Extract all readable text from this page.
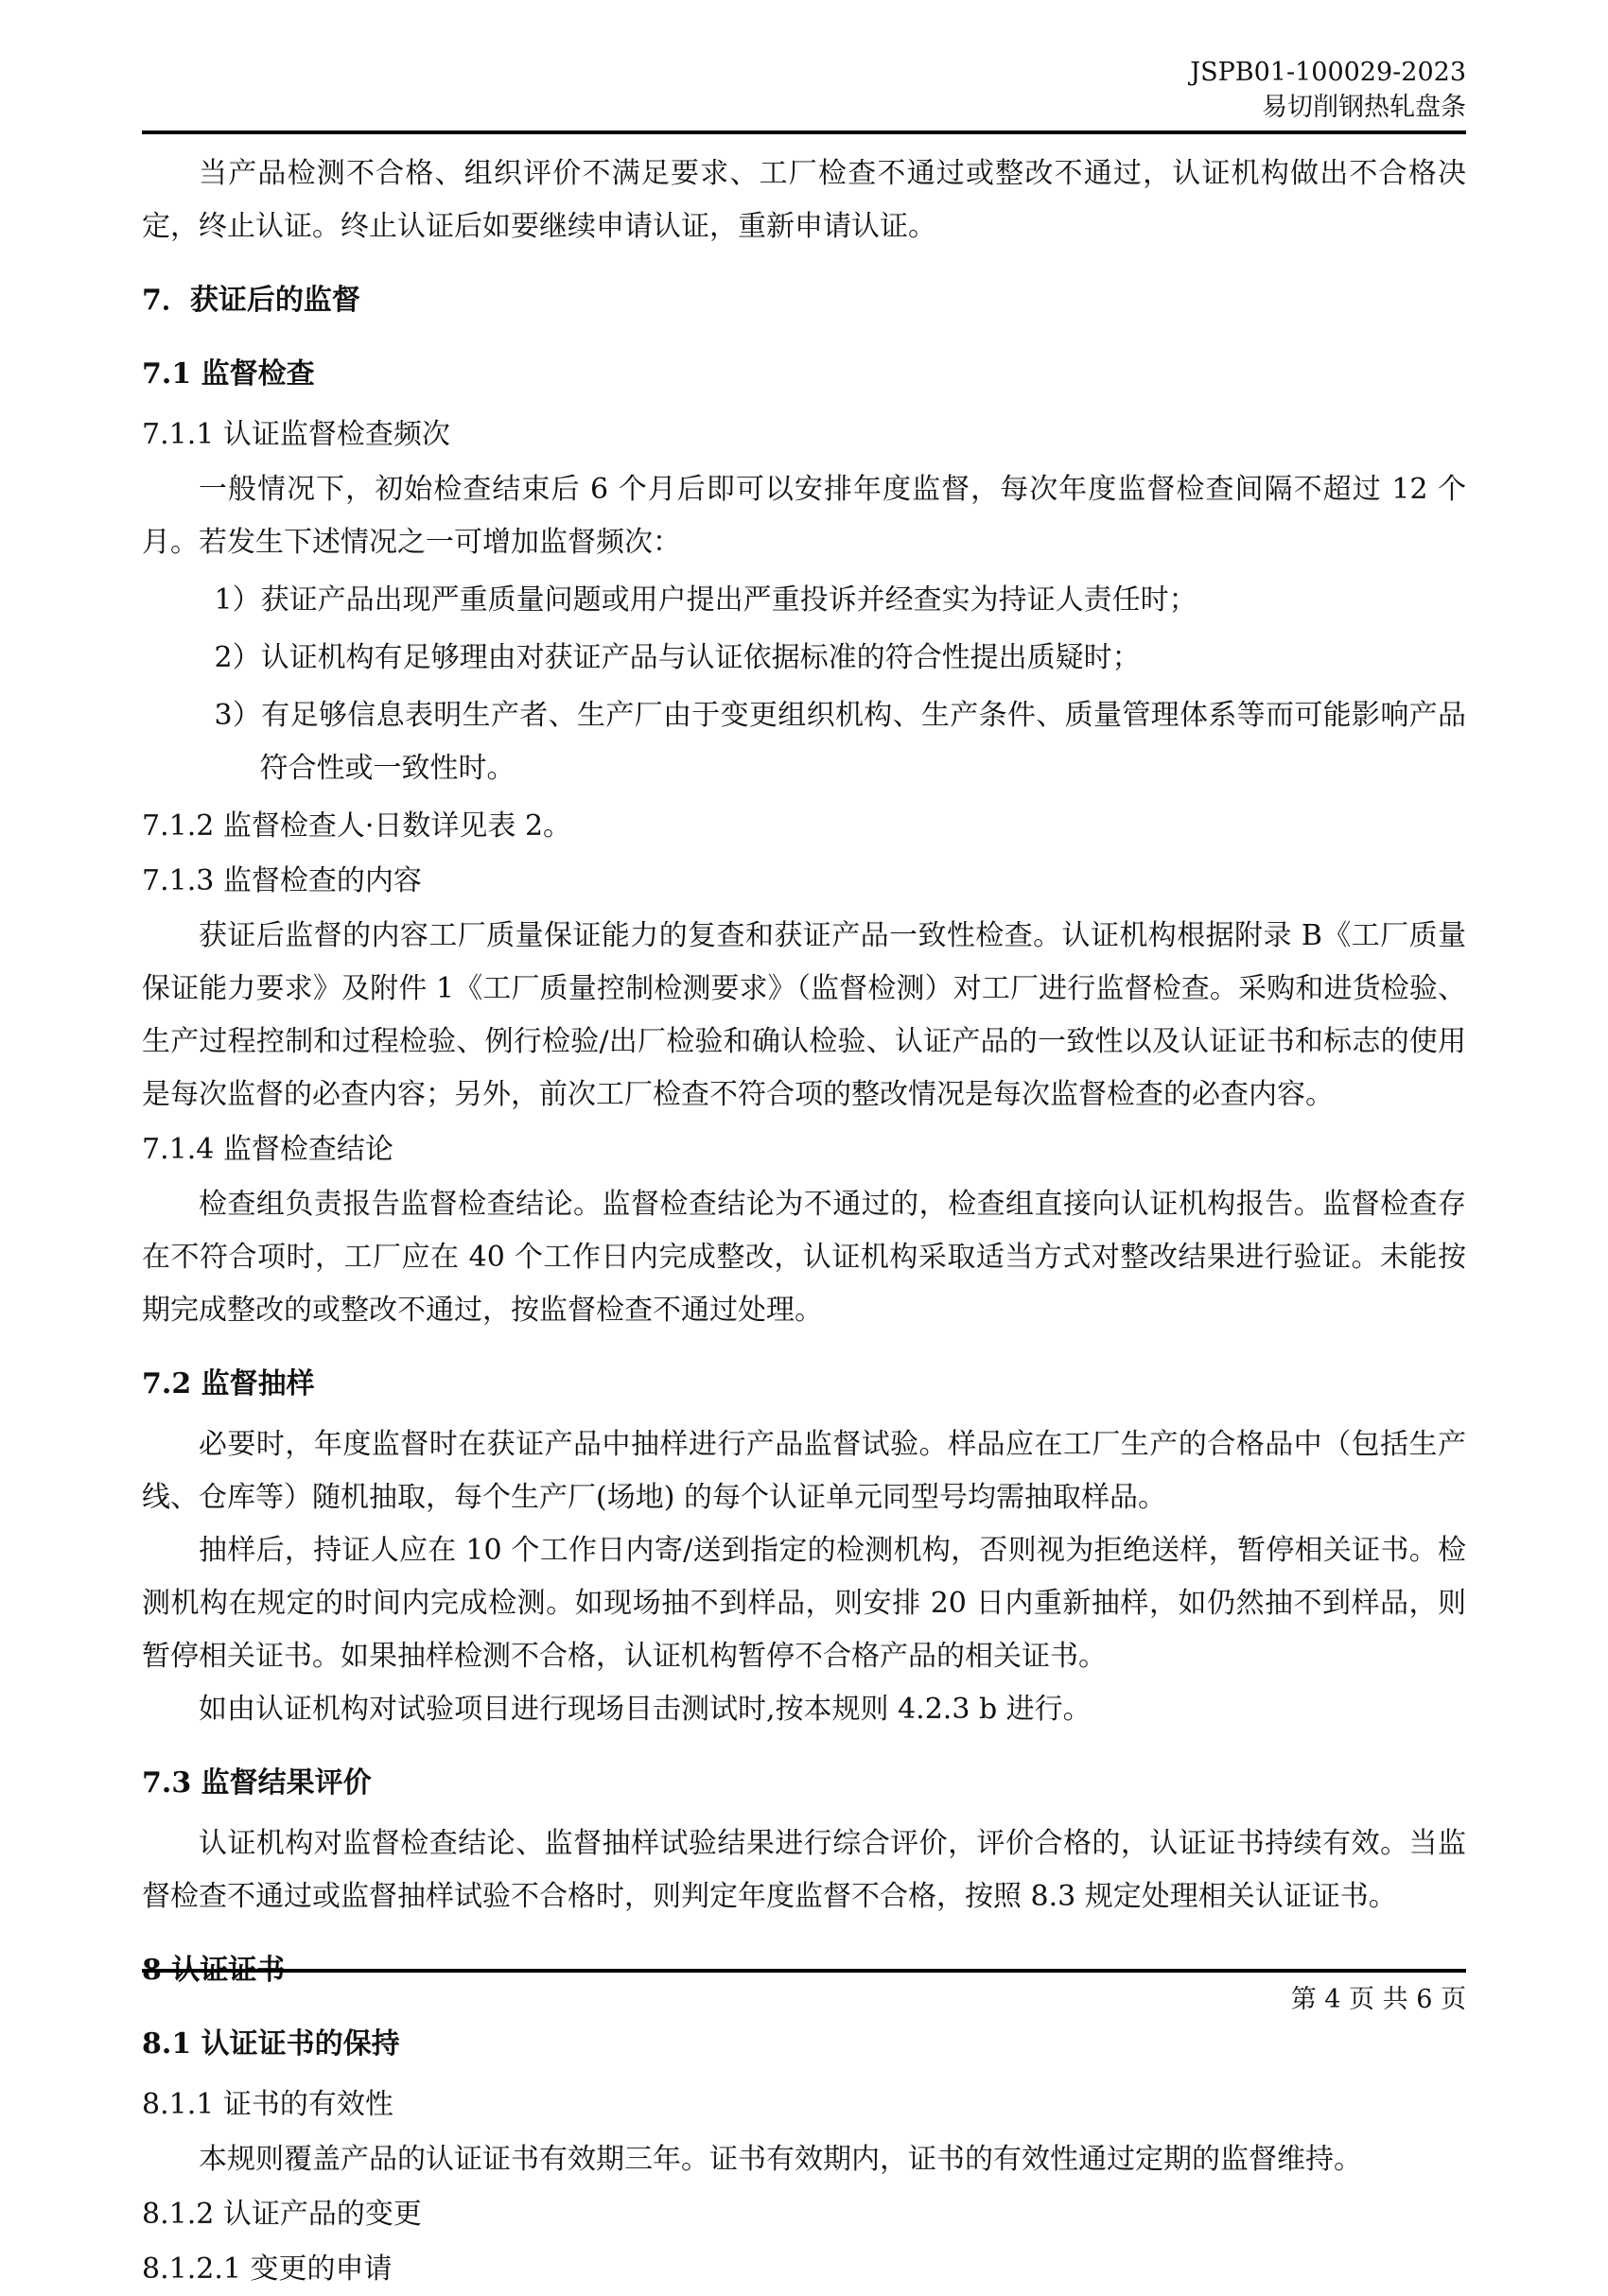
JSPB01-100029-2023
易切削钢热轧盘条

当产品检测不合格、组织评价不满足要求、工厂检查不通过或整改不通过，认证机构做出不合格决定，终止认证。终止认证后如要继续申请认证，重新申请认证。

7．获证后的监督

7.1 监督检查

7.1.1 认证监督检查频次

一般情况下，初始检查结束后 6 个月后即可以安排年度监督，每次年度监督检查间隔不超过 12 个月。若发生下述情况之一可增加监督频次：

1）获证产品出现严重质量问题或用户提出严重投诉并经查实为持证人责任时；

2）认证机构有足够理由对获证产品与认证依据标准的符合性提出质疑时；

3）有足够信息表明生产者、生产厂由于变更组织机构、生产条件、质量管理体系等而可能影响产品符合性或一致性时。

7.1.2 监督检查人·日数详见表 2。

7.1.3 监督检查的内容

获证后监督的内容工厂质量保证能力的复查和获证产品一致性检查。认证机构根据附录 B《工厂质量保证能力要求》及附件 1《工厂质量控制检测要求》（监督检测）对工厂进行监督检查。采购和进货检验、生产过程控制和过程检验、例行检验/出厂检验和确认检验、认证产品的一致性以及认证证书和标志的使用是每次监督的必查内容；另外，前次工厂检查不符合项的整改情况是每次监督检查的必查内容。

7.1.4 监督检查结论

检查组负责报告监督检查结论。监督检查结论为不通过的，检查组直接向认证机构报告。监督检查存在不符合项时，工厂应在 40 个工作日内完成整改，认证机构采取适当方式对整改结果进行验证。未能按期完成整改的或整改不通过，按监督检查不通过处理。

7.2 监督抽样

必要时，年度监督时在获证产品中抽样进行产品监督试验。样品应在工厂生产的合格品中（包括生产线、仓库等）随机抽取，每个生产厂(场地) 的每个认证单元同型号均需抽取样品。

抽样后，持证人应在 10 个工作日内寄/送到指定的检测机构，否则视为拒绝送样，暂停相关证书。检测机构在规定的时间内完成检测。如现场抽不到样品，则安排 20 日内重新抽样，如仍然抽不到样品，则暂停相关证书。如果抽样检测不合格，认证机构暂停不合格产品的相关证书。

如由认证机构对试验项目进行现场目击测试时,按本规则 4.2.3 b 进行。

7.3 监督结果评价

认证机构对监督检查结论、监督抽样试验结果进行综合评价，评价合格的，认证证书持续有效。当监督检查不通过或监督抽样试验不合格时，则判定年度监督不合格，按照 8.3 规定处理相关认证证书。

8 认证证书

8.1 认证证书的保持

8.1.1 证书的有效性

本规则覆盖产品的认证证书有效期三年。证书有效期内，证书的有效性通过定期的监督维持。

8.1.2 认证产品的变更

8.1.2.1 变更的申请

第 4 页 共 6 页
